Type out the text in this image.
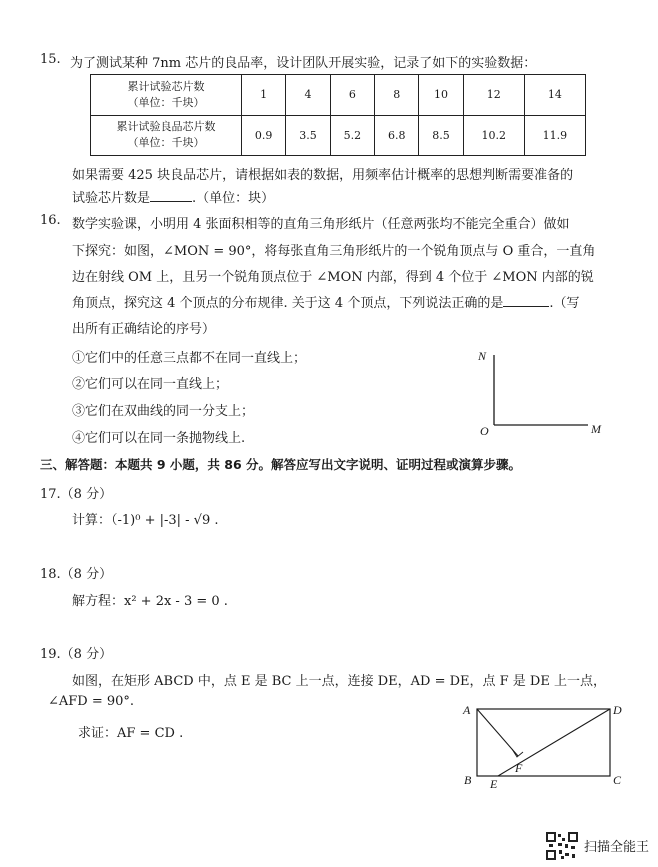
15. 为了测试某种 7nm 芯片的良品率，设计团队开展实验，记录了如下的实验数据：
累计试验芯片数
（单位：千块）	1	4	6	8	10	12	14

累计试验良品芯片数
（单位：千块）	0.9	3.5	5.2	6.8	8.5	10.2	11.9
如果需要 425 块良品芯片，请根据如表的数据，用频率估计概率的思想判断需要准备的
试验芯片数是	.（单位：块）
16. 数学实验课，小明用 4 张面积相等的直角三角形纸片（任意两张均不能完全重合）做如
下探究：如图，∠MON = 90°，将每张直角三角形纸片的一个锐角顶点与 O 重合，一直角
边在射线 OM 上，且另一个锐角顶点位于 ∠MON 内部，得到 4 个位于 ∠MON 内部的锐
角顶点，探究这 4 个顶点的分布规律. 关于这 4 个顶点，下列说法正确的是	.（写
出所有正确结论的序号）
①它们中的任意三点都不在同一直线上；
②它们可以在同一直线上；
③它们在双曲线的同一分支上；
④它们可以在同一条抛物线上.
N
O	M
三、解答题：本题共 9 小题，共 86 分。解答应写出文字说明、证明过程或演算步骤。
17.（8 分）
计算：（-1)⁰ + |-3| - √9 .
18.（8 分）
解方程：x² + 2x - 3 = 0 .
19.（8 分）
如图，在矩形 ABCD 中，点 E 是 BC 上一点，连接 DE，AD = DE，点 F 是 DE 上一点，
∠AFD = 90°.
求证：AF = CD .
A	D
B	C
E
F
扫描全能王
